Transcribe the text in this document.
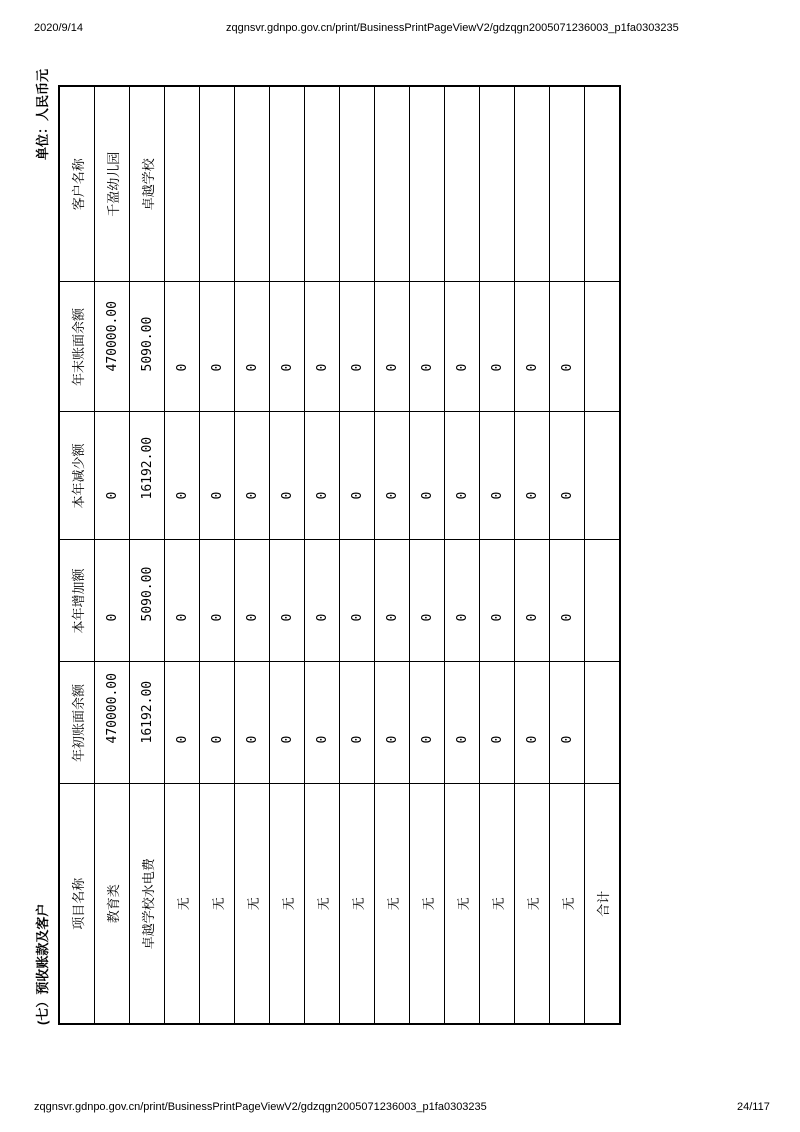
2020/9/14	zqgnsvr.gdnpo.gov.cn/print/BusinessPrintPageViewV2/gdzqgn2005071236003_p1fa0303235
(七）预收账款及客户
单位：人民币元
项目名称	年初账面余额	本年增加额	本年减少额	年末账面余额	客户名称
教育类	470000.00	0	0	470000.00	千盈幼儿园
卓越学校水电费	16192.00	5090.00	16192.00	5090.00	卓越学校
无	0	0	0	0	
无	0	0	0	0	
无	0	0	0	0	
无	0	0	0	0	
无	0	0	0	0	
无	0	0	0	0	
无	0	0	0	0	
无	0	0	0	0	
无	0	0	0	0	
无	0	0	0	0	
无	0	0	0	0	
无	0	0	0	0	
合计					
zqgnsvr.gdnpo.gov.cn/print/BusinessPrintPageViewV2/gdzqgn2005071236003_p1fa0303235	24/117
